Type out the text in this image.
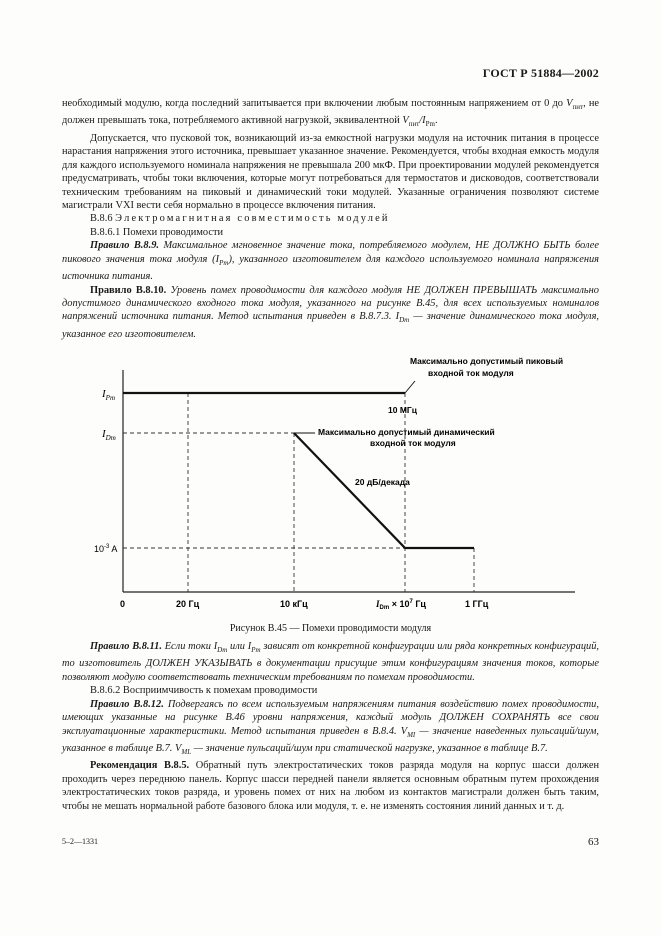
ГОСТ Р 51884—2002

необходимый модулю, когда последний запитывается при включении любым постоянным напряжением от 0 до $V_{пит}$, не должен превышать тока, потребляемого активной нагрузкой, эквивалентной $V_{пит}/I_{Pm}$.

Допускается, что пусковой ток, возникающий из-за емкостной нагрузки модуля на источник питания в процессе нарастания напряжения этого источника, превышает указанное значение. Рекомендуется, чтобы входная емкость модуля для каждого используемого номинала напряжения не превышала 200 мкФ. При проектировании модулей рекомендуется предусматривать, чтобы токи включения, которые могут потребоваться для термостатов и дисководов, соответствовали техническим требованиям на пиковый и динамический токи модулей. Указанные ограничения позволяют системе магистрали VXI вести себя нормально в процессе включения питания.

В.8.6 Электромагнитная совместимость модулей

В.8.6.1 Помехи проводимости

Правило В.8.9. Максимальное мгновенное значение тока, потребляемого модулем, НЕ ДОЛЖНО БЫТЬ более пикового значения тока модуля $(I_{Pm})$, указанного изготовителем для каждого используемого номинала напряжения источника питания.

Правило В.8.10. Уровень помех проводимости для каждого модуля НЕ ДОЛЖЕН ПРЕВЫШАТЬ максимально допустимого динамического входного тока модуля, указанного на рисунке В.45, для всех используемых номиналов напряжений источника питания. Метод испытания приведен в В.8.7.3. $I_{Dm}$ — значение динамического тока модуля, указанное его изготовителем.

$I_{Pm}$
$I_{Dm}$
$10^{-3}$ A
0	20 Гц	10 кГц	$I_{Dm} \times 10^7$ Гц	1 ГГц
Максимально допустимый пиковый
входной ток модуля
10 МГц
Максимально допустимый динамический
входной ток модуля
20 дБ/декада
Рисунок В.45 — Помехи проводимости модуля

Правило В.8.11. Если токи $I_{Dm}$ или $I_{Pm}$ зависят от конкретной конфигурации или ряда конкретных конфигураций, то изготовитель ДОЛЖЕН УКАЗЫВАТЬ в документации присущие этим конфигурациям значения токов, которые позволяют модулю соответствовать техническим требованиям по помехам проводимости.

В.8.6.2 Восприимчивость к помехам проводимости

Правило В.8.12. Подвергаясь по всем используемым напряжениям питания воздействию помех проводимости, имеющих указанные на рисунке В.46 уровни напряжения, каждый модуль ДОЛЖЕН СОХРАНЯТЬ все свои эксплуатационные характеристики. Метод испытания приведен в В.8.4. $V_{MI}$ — значение наведенных пульсаций/шум, указанное в таблице В.7. $V_{ML}$ — значение пульсаций/шум при статической нагрузке, указанное в таблице В.7.

Рекомендация В.8.5. Обратный путь электростатических токов разряда модуля на корпус шасси должен проходить через переднюю панель. Корпус шасси передней панели является основным обратным путем прохождения электростатических токов разряда, и уровень помех от них на любом из контактов магистрали должен быть таким, чтобы не мешать нормальной работе базового блока или модуля, т. е. не изменять состояния линий данных и т. д.

5–2—1331	63
